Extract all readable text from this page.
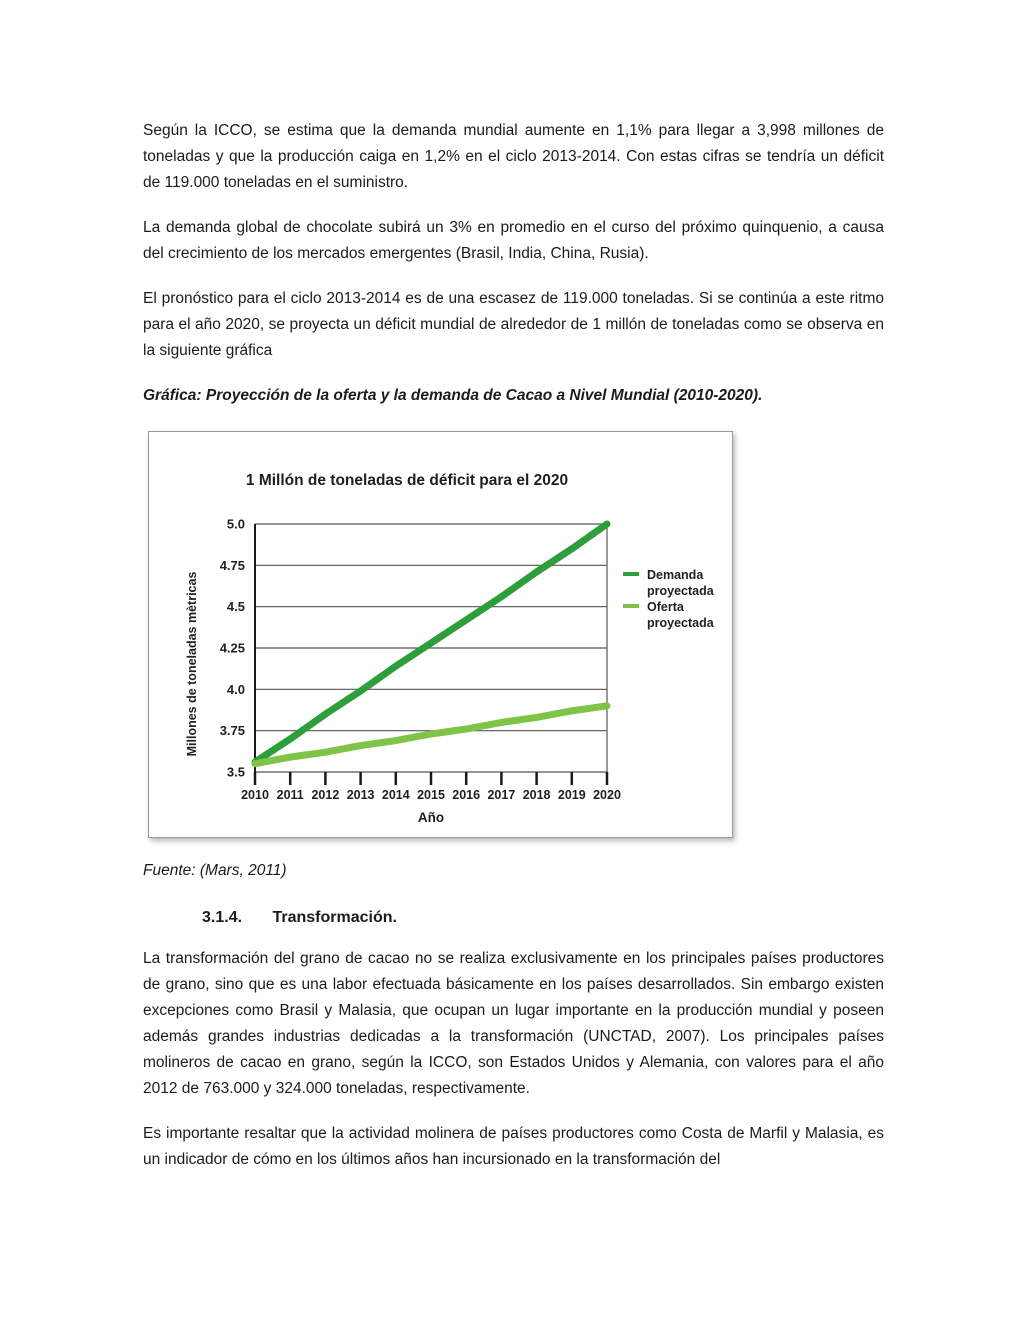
Según la ICCO, se estima que la demanda mundial aumente en 1,1% para llegar a 3,998 millones de toneladas y que la producción caiga en 1,2% en el ciclo 2013-2014. Con estas cifras se tendría un déficit de 119.000 toneladas en el suministro.

La demanda global de chocolate subirá un 3% en promedio en el curso del próximo quinquenio, a causa del crecimiento de los mercados emergentes (Brasil, India, China, Rusia).

El pronóstico para el ciclo 2013-2014 es de una escasez de 119.000 toneladas. Si se continúa a este ritmo para el año 2020, se proyecta un déficit mundial de alrededor de 1 millón de toneladas como se observa en la siguiente gráfica

Gráfica: Proyección de la oferta y la demanda de Cacao a Nivel Mundial (2010-2020).

3.5
3.75
4.0
4.25
4.5
4.75
5.0
2010 2011 2012 2013 2014 2015 2016 2017 2018 2019 2020
Demanda
proyectada
Oferta
proyectada
1 Millón de toneladas de déficit para el 2020
Año
Millones de toneladas mètricas

Fuente: (Mars, 2011)

3.1.4. Transformación.

La transformación del grano de cacao no se realiza exclusivamente en los principales países productores de grano, sino que es una labor efectuada básicamente en los países desarrollados. Sin embargo existen excepciones como Brasil y Malasia, que ocupan un lugar importante en la producción mundial y poseen además grandes industrias dedicadas a la transformación (UNCTAD, 2007). Los principales países molineros de cacao en grano, según la ICCO, son Estados Unidos y Alemania, con valores para el año 2012 de 763.000 y 324.000 toneladas, respectivamente.

Es importante resaltar que la actividad molinera de países productores como Costa de Marfil y Malasia, es un indicador de cómo en los últimos años han incursionado en la transformación del
